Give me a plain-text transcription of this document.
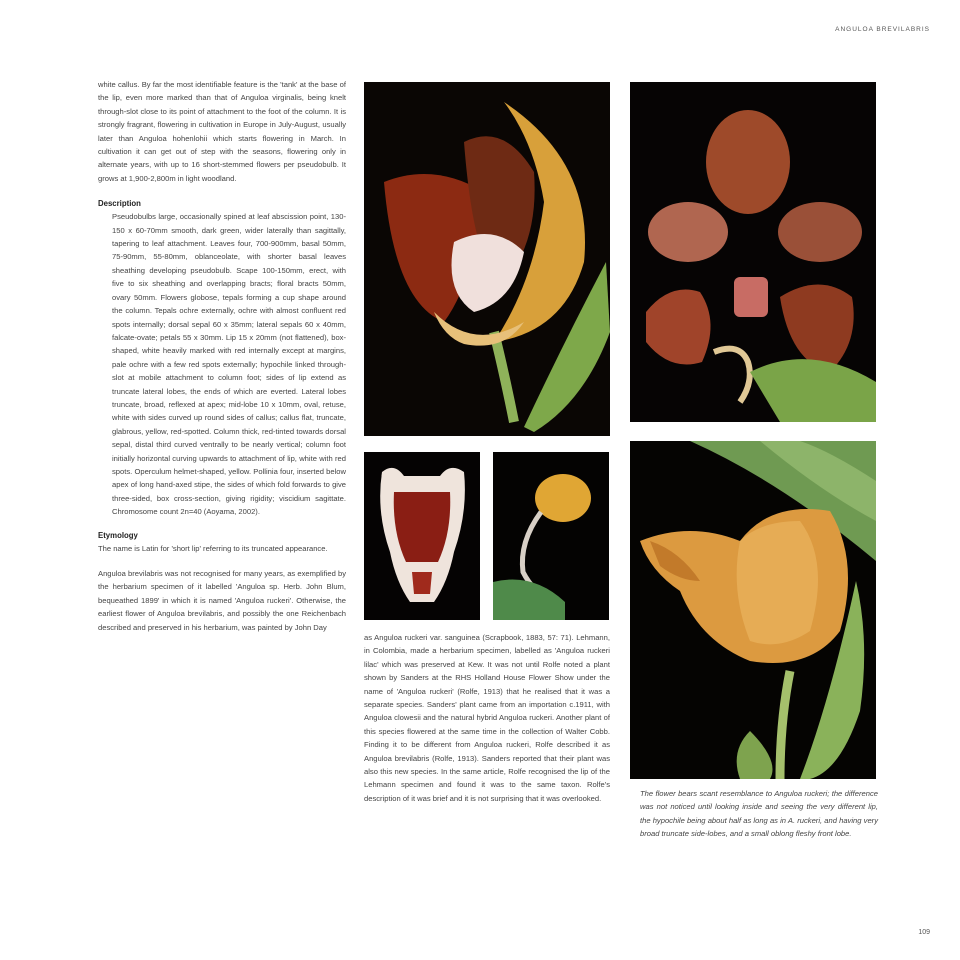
ANGULOA BREVILABRIS

white callus. By far the most identifiable feature is the 'tank' at the base of the lip, even more marked than that of Anguloa virginalis, being knelt through-slot close to its point of attachment to the foot of the column. It is strongly fragrant, flowering in cultivation in Europe in July-August, usually later than Anguloa hohenlohii which starts flowering in March. In cultivation it can get out of step with the seasons, flowering only in alternate years, with up to 16 short-stemmed flowers per pseudobulb. It grows at 1,900-2,800m in light woodland.

Description
Pseudobulbs large, occasionally spined at leaf abscission point, 130-150 x 60-70mm smooth, dark green, wider laterally than sagittally, tapering to leaf attachment. Leaves four, 700-900mm, basal 50mm, 75-90mm, 55-80mm, oblanceolate, with shorter basal leaves sheathing developing pseudobulb. Scape 100-150mm, erect, with five to six sheathing and overlapping bracts; floral bracts 50mm, ovary 50mm. Flowers globose, tepals forming a cup shape around the column. Tepals ochre externally, ochre with almost confluent red spots internally; dorsal sepal 60 x 35mm; lateral sepals 60 x 40mm, falcate-ovate; petals 55 x 30mm. Lip 15 x 20mm (not flattened), box-shaped, white heavily marked with red internally except at margins, pale ochre with a few red spots externally; hypochile linked through-slot at mobile attachment to column foot; sides of lip extend as truncate lateral lobes, the ends of which are everted. Lateral lobes truncate, broad, reflexed at apex; mid-lobe 10 x 10mm, oval, retuse, white with sides curved up round sides of callus; callus flat, truncate, glabrous, yellow, red-spotted. Column thick, red-tinted towards dorsal sepal, distal third curved ventrally to be nearly vertical; column foot initially horizontal curving upwards to attachment of lip, white with red spots. Operculum helmet-shaped, yellow. Pollinia four, inserted below apex of long hand-axed stipe, the sides of which fold forwards to give three-sided, box cross-section, giving rigidity; viscidium sagittate. Chromosome count 2n=40 (Aoyama, 2002).
Etymology

The name is Latin for 'short lip' referring to its truncated appearance.

Anguloa brevilabris was not recognised for many years, as exemplified by the herbarium specimen of it labelled 'Anguloa sp. Herb. John Blum, bequeathed 1899' in which it is named 'Anguloa ruckeri'. Otherwise, the earliest flower of Anguloa brevilabris, and possibly the one Reichenbach described and preserved in his herbarium, was painted by John Day

as Anguloa ruckeri var. sanguinea (Scrapbook, 1883, 57: 71). Lehmann, in Colombia, made a herbarium specimen, labelled as 'Anguloa ruckeri lilac' which was preserved at Kew. It was not until Rolfe noted a plant shown by Sanders at the RHS Holland House Flower Show under the name of 'Anguloa ruckeri' (Rolfe, 1913) that he realised that it was a separate species. Sanders' plant came from an importation c.1911, with Anguloa clowesii and the natural hybrid Anguloa ruckeri. Another plant of this species flowered at the same time in the collection of Walter Cobb. Finding it to be different from Anguloa ruckeri, Rolfe described it as Anguloa brevilabris (Rolfe, 1913). Sanders reported that their plant was also this new species. In the same article, Rolfe recognised the lip of the Lehmann specimen and found it was to the same taxon. Rolfe's description of it was brief and it is not surprising that it was overlooked.

The flower bears scant resemblance to Anguloa ruckeri; the difference was not noticed until looking inside and seeing the very different lip, the hypochile being about half as long as in A. ruckeri, and having very broad truncate side-lobes, and a small oblong fleshy front lobe.
109
